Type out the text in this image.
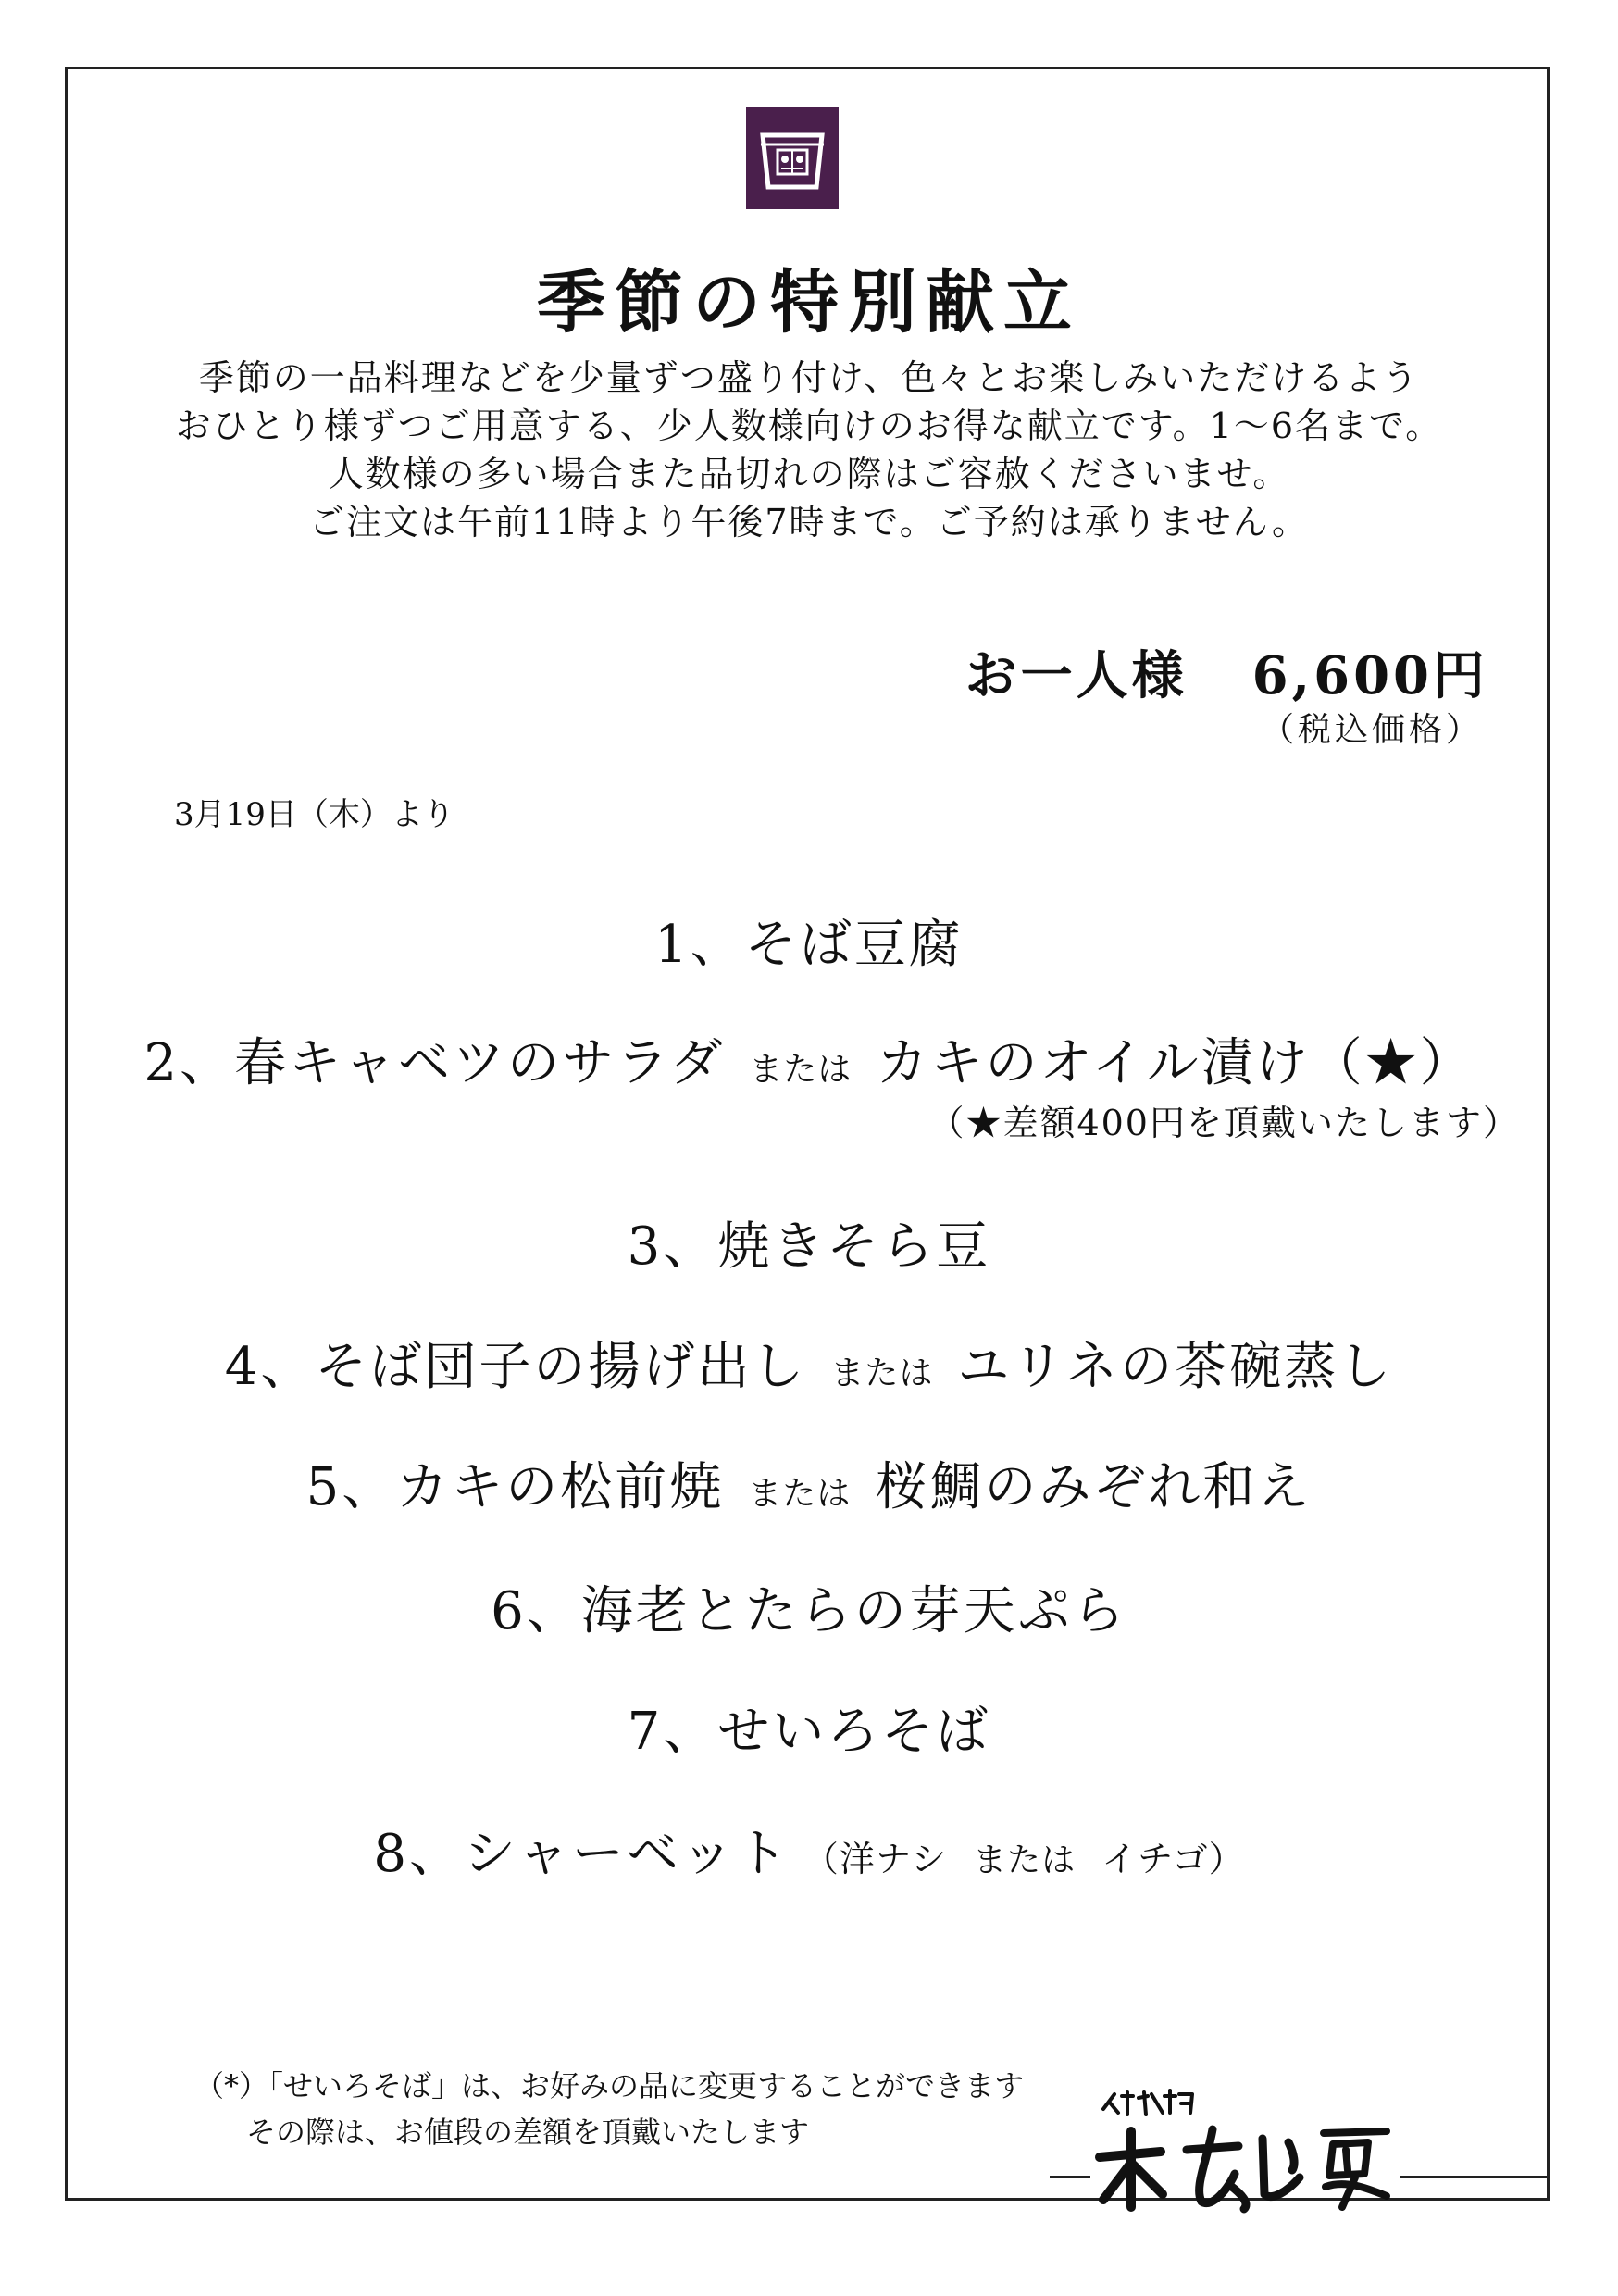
季節の特別献立
季節の一品料理などを少量ずつ盛り付け、色々とお楽しみいただけるよう
おひとり様ずつご用意する、少人数様向けのお得な献立です。1〜6名まで。
人数様の多い場合また品切れの際はご容赦くださいませ。
ご注文は午前11時より午後7時まで。ご予約は承りません。
お一人様 6,600円
（税込価格）
3月19日（木）より
1、そば豆腐
2、春キャベツのサラダ または カキのオイル漬け（★）
（★差額400円を頂戴いたします）
3、焼きそら豆
4、そば団子の揚げ出し または ユリネの茶碗蒸し
5、カキの松前焼 または 桜鯛のみぞれ和え
6、海老とたらの芽天ぷら
7、せいろそば
8、シャーベット （洋ナシ または イチゴ）
（*）「せいろそば」は、お好みの品に変更することができます
その際は、お値段の差額を頂戴いたします
